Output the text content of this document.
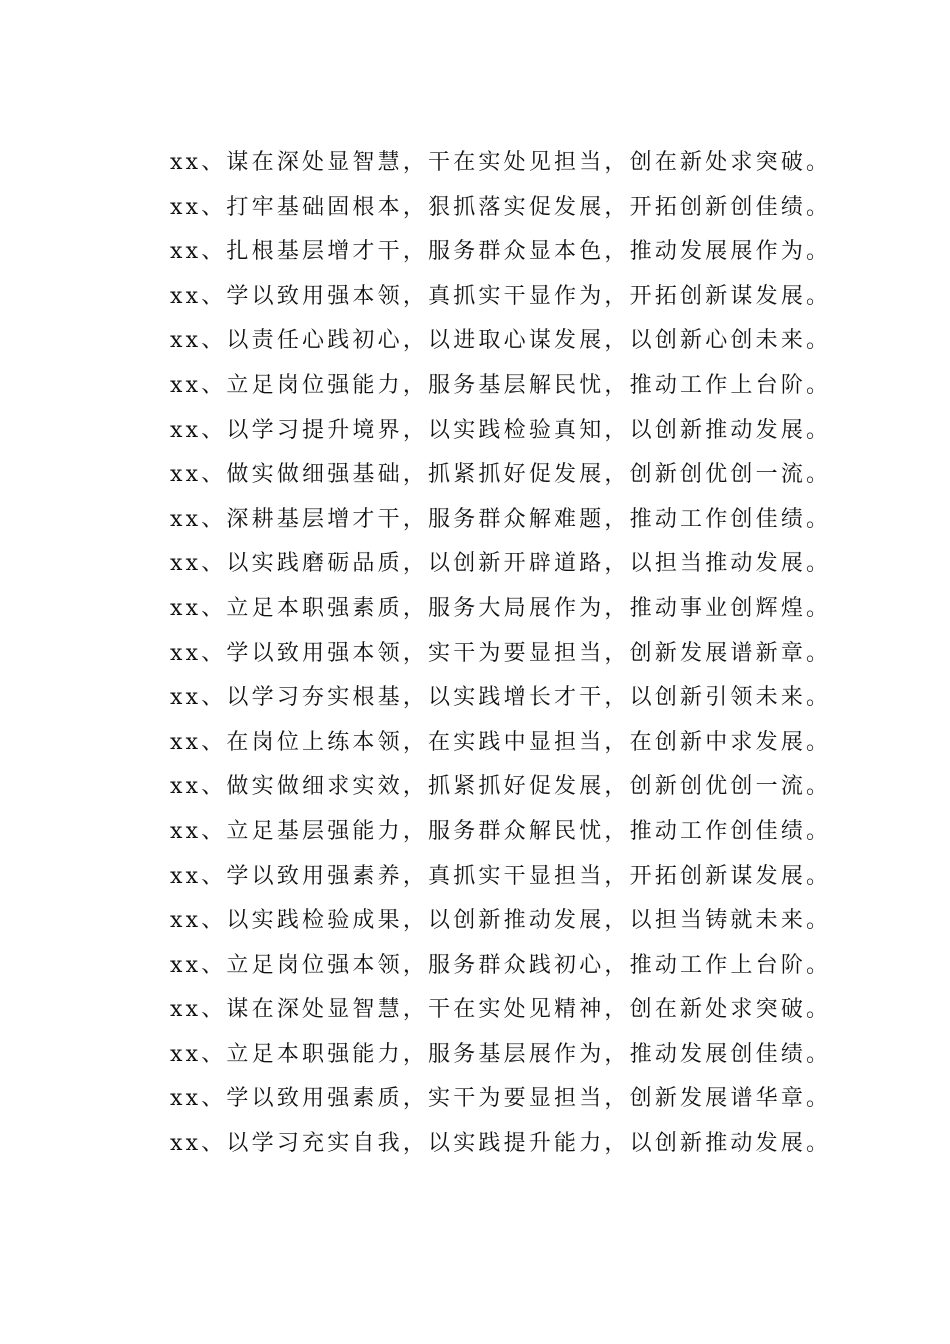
xx、谋在深处显智慧，干在实处见担当，创在新处求突破。
xx、打牢基础固根本，狠抓落实促发展，开拓创新创佳绩。
xx、扎根基层增才干，服务群众显本色，推动发展展作为。
xx、学以致用强本领，真抓实干显作为，开拓创新谋发展。
xx、以责任心践初心，以进取心谋发展，以创新心创未来。
xx、立足岗位强能力，服务基层解民忧，推动工作上台阶。
xx、以学习提升境界，以实践检验真知，以创新推动发展。
xx、做实做细强基础，抓紧抓好促发展，创新创优创一流。
xx、深耕基层增才干，服务群众解难题，推动工作创佳绩。
xx、以实践磨砺品质，以创新开辟道路，以担当推动发展。
xx、立足本职强素质，服务大局展作为，推动事业创辉煌。
xx、学以致用强本领，实干为要显担当，创新发展谱新章。
xx、以学习夯实根基，以实践增长才干，以创新引领未来。
xx、在岗位上练本领，在实践中显担当，在创新中求发展。
xx、做实做细求实效，抓紧抓好促发展，创新创优创一流。
xx、立足基层强能力，服务群众解民忧，推动工作创佳绩。
xx、学以致用强素养，真抓实干显担当，开拓创新谋发展。
xx、以实践检验成果，以创新推动发展，以担当铸就未来。
xx、立足岗位强本领，服务群众践初心，推动工作上台阶。
xx、谋在深处显智慧，干在实处见精神，创在新处求突破。
xx、立足本职强能力，服务基层展作为，推动发展创佳绩。
xx、学以致用强素质，实干为要显担当，创新发展谱华章。
xx、以学习充实自我，以实践提升能力，以创新推动发展。
